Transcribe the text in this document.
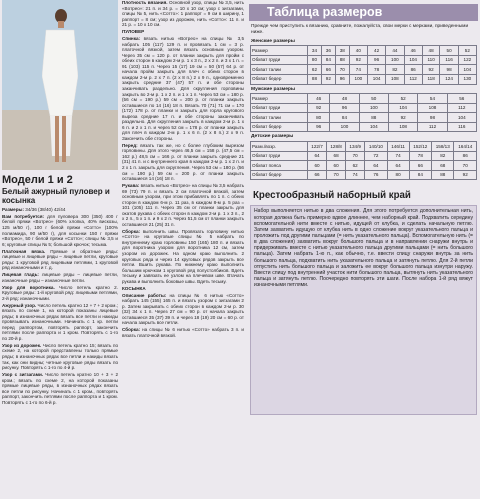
Модели 1 и 2
Белый ажурный пуловер и косынка

Размеры: 34/36 (38/40) 42/44

Вам потребуется: для пуловера 300 (350) 400 г белой пряжи «Вотрео» (60% хлопка, 40% вискозы, 125 м/50 г), 100 г белой пряжи «Сотто» (100% полиамида, 90 м/50 г), для косынки 150 г пряжи «Вотрео», 50 г белой пряжи «Сотто»; спицы № 3,5 и 6; круговые спицы № 5; большой крючок; тесьма.

Платочная вязка. Прямые и обратные ряды: лицевые и лицевые ряды – лицевые петли, круговые ряды: 1 круговой ряд лицевыми петлями, 1 круговой ряд изнаночными и т. д.

Лицевая гладь: лицевые ряды – лицевые петли, изнаночные ряды – изнаночные петли.

Узор для воротника. Число петель кратно 2. Круговые ряды: 1-й круговой ряд: лицевыми петлями, 2-й ряд: изнаночными.

Ажурный узор. Число петель кратно 12 + 7 + 2 кром.; вязать по схеме 1, на которой показаны лицевые ряды; в изнаночных рядах вязать все петли и накиды провязывать изнаночными. Начинать с 1 кр. петли перед раппортом, повторять раппорт, закончить петлями после раппорта и 1 кром. Повторять с 1-го по 20-й р.

Узор из дорожек. Число петель кратно 15; вязать по схеме 2, на которой представлены только прямые ряды; в изнаночных рядах все петли и накиды вязать так, как они видны; четные круговые ряды вязать по рисунку. Повторять с 1-го по 4-й р.

Узор с зигзагами. Число петель кратно 10 + 3 + 2 кром.; вязать по схеме 2, на которой показаны прямые лицевые ряды, в изнаночных рядах вязать все петли по рисунку. Начинать с 1 кром., повторять раппорт, закончить петлями после раппорта и 1 кром. Повторять с 1-го по 6-й р.

Плотность вязания. Основной узор, спицы № 3,5, нить «Вотрео»: 21 п. и 34 р. = 10 х 10 см; узор с зигзагами, спицы № 5, нить «Сотто»: 1 раппорт = 9 см в ширину, 1 раппорт = 8 см; узор из дорожек, нить «Сотто»: 11 п. и 21 р. = 10 х 10 см.

ПУЛОВЕР

Спинка: вязать нитью «Вотрео» на спицы № 3,5 набрать 105 (117) 129 п. и провязать 1 см = 3 р. платочной вязкой, затем вязать основным узором. Через 35 см = 120 р. от планки закрыть для пройм с обеих сторон в каждом 2-м р. 1 х 3 п., 2 х 2 п. и 3 х 1 п. = 91 (103) 115 п. Через 15 (17) 19 см = 50 (57) 64 р. от начала пройм закрыть для плеч с обеих сторон в каждом 2-м р. 2 х 7 п. (2 х 8 п.) 2 х 9 п., одновременно закрыть средние 37 (47) 57 п. и обе стороны заканчивать раздельно. Для скругления горловины закрыть во 2-м р. 1 х 2 п. и 1 х 1 п. Через 53 см = 180 р. (56 см = 190 р.) 59 см = 200 р. от планки закрыть оставшиеся по 14 (16) 18 п. Вязать 70 (71) 71 см = 170 (172) 178 р. от планки и закрыть для горла кругового выреза средние 17 п. и обе стороны заканчивать раздельно. Для скругления закрыть в каждом 2-м р. 1 х 6 п. и 2 х 1 п. и через 52 см = 178 р. от планки закрыть для плеч в каждом 2-м р. 1 х 6 п. (2 х 8 п.) 2 х 9 п. Закончить обе стороны.

Перед: вязать так же, но с более глубоким вырезом горловины. Для этого через 46,5 см = 158 р. (47,5 см = 162 р.) 48,5 см = 166 р. от планки закрыть средние 21 (31) 41 п. и с внутреннего края в каждом 2-м р. 1 х 2 п. и 2 х 1 п. закрыть для скругления. Через 53 см = 180 р. (56 см = 190 р.) 59 см = 200 р. от планки закрыть оставшиеся 14 (16) 18 п.

Рукава: вязать нитью «Вотрео» на спицы № 3,5 набрать 69 (73) 79 п. и вязать 2 см платочной вязкой, затем основным узором, при этом прибавлять по 1 п. с обеих сторон в каждом 6-м р. 11 раз, в каждом 8-м р. 5 раз = 101 (105) 111 п. Через 35 см от планки закрыть для окатов рукава с обеих сторон в каждом 2-м р. 1 х 3 п., 2 х 2 п., 5 х 1 п. и 9 х 2 п. Через 51,5 см от планки закрыть оставшиеся 21 (25) 31 п.

Сборка: выполнить швы. Провязать горловину нитью «Сотто» на круговые спицы № 5 набрать по внутреннему краю горловины 150 (165) 180 п. и вязать для воротника узором для воротника 12 см, затем узором из дорожек. На одном краю выполнить 2 круговых ряда и через 14 круговых рядов закрыть все петли. Вшить рукава. По нижнему краю выполнить большим крючком 1 круговой ряд полустолбиков. Вдеть тесьму и завязать ее узлом на плечевом шве. Втачать рукава и выполнить боковые швы. Вдеть тесьму.

КОСЫНКА

Описание работы: на спицы № 6 нитью «Сотто» набрать 145 (155) 165 п. и вязать узором с зигзагами 2 р. Затем закрывать с обеих сторон в каждом 2-м р. 30 (32) 34 х 1 п. Через 27 см = 90 р. от начала закрыть оставшиеся 35 (37) 39 п. и через 18 (19) 20 см = 60 р. от начала закрыть все петли.

Сборка: на спицы № 6 нитью «Сотто» набрать 3 п. и вязать платочной вязкой.

Таблица размеров
Прежде чем приступить к вязанию, сравните, пожалуйста, свои мерки с мерками, приведенными ниже.
Женские размеры
Размер	34	36	38	40	42	44	46	48	50	52
Обхват груди	80	84	88	92	96	100	104	110	116	122
Обхват талии	62	66	70	74	78	82	86	92	98	104
Обхват бедер	88	92	96	100	104	108	112	118	124	130
Мужские размеры
Размер	46	48	50	52	54	56
Обхват груди	92	96	100	104	108	112
Обхват талии	80	84	88	92	98	104
Обхват бедер	96	100	104	108	112	116
Детские размеры
Разм./возр.	122/7	128/8	134/9	140/10	146/11	152/12	158/13	164/14
Обхват груди	64	68	70	72	74	78	82	86
Обхват пояса	60	60	62	64	64	66	68	70
Обхват бедер	66	70	74	76	80	84	88	92
Крестообразный наборный край

Набор выполняется нитью в два сложения. Для этого потребуется дополнительная нить, которая должна быть примерно вдвое длиннее, чем наборный край. Подхватить середину вспомогательной нити вместе с нитью, идущей от клубка, и сделать начальную петлю. Затем захватить идущую от клубка нить в одно сложение вокруг указательного пальца и проложить под другими пальцами (= нить указательного пальца). Вспомогательную нить (= в два сложения) захватить вокруг большого пальца и в направлении снаружи внутрь и придерживать вместе с нитью указательного пальца другими пальцами (= нить большого пальца). Затем набрать 1-ю п., как обычно, т.е. ввести спицу снаружи внутрь за нить большого пальца, подхватить нить указательного пальца и затянуть петлю. Для 2-й петли отпустить нить большого пальца и заложить ее вокруг большого пальца изнутри наружу. Ввести спицу под внутренний участок нити большого пальца, вытянуть нить указательного пальца и затянуть петлю. Поочередно повторять эти шаги. После набора 1-й ряд вяжут изнаночными петлями.
